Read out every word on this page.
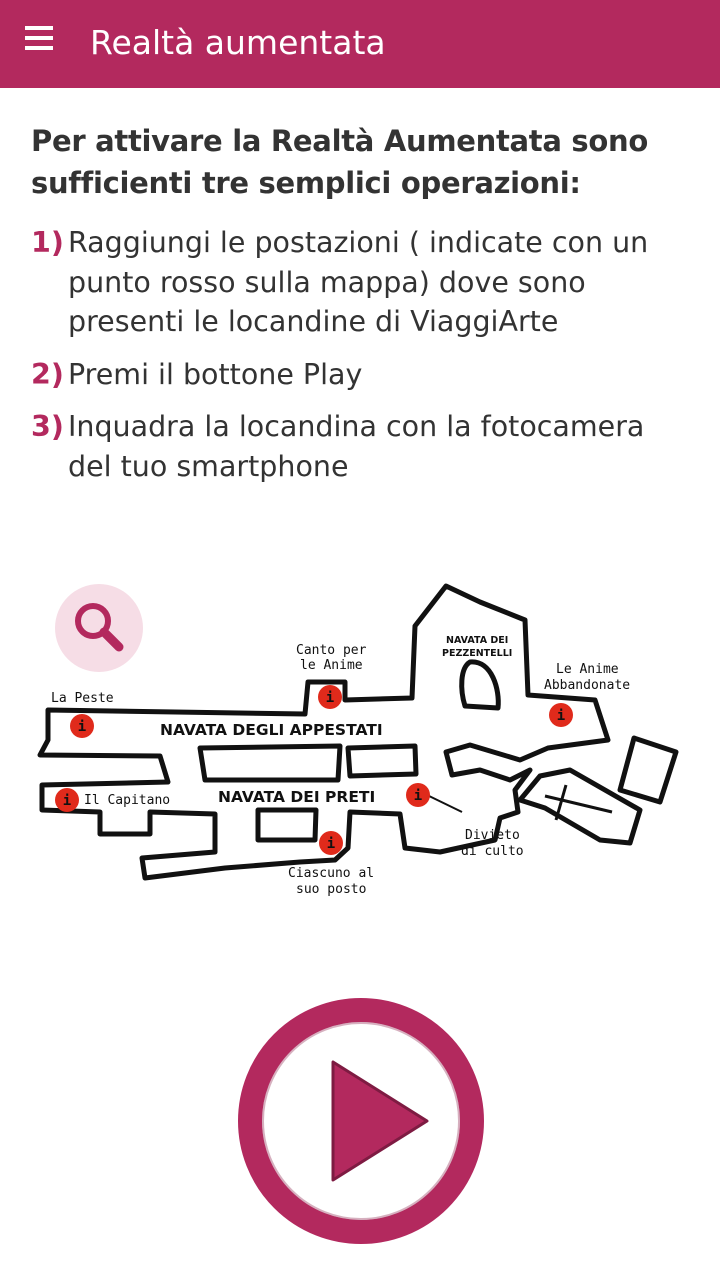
Realtà aumentata
Per attivare la Realtà Aumentata sono sufficienti tre semplici operazioni:
1) Raggiungi le postazioni ( indicate con un punto rosso sulla mappa) dove sono presenti le locandine di ViaggiArte
2) Premi il bottone Play
3) Inquadra la locandina con la fotocamera del tuo smartphone
NAVATA DEGLI APPESTATI
NAVATA DEI PRETI
NAVATA DEI
PEZZENTELLI
La Peste
Il Capitano
Canto per
le Anime	Le Anime
Abbandonate
Ciascuno al
suo posto
Divieto
di culto
i
i
i
i	i
i
